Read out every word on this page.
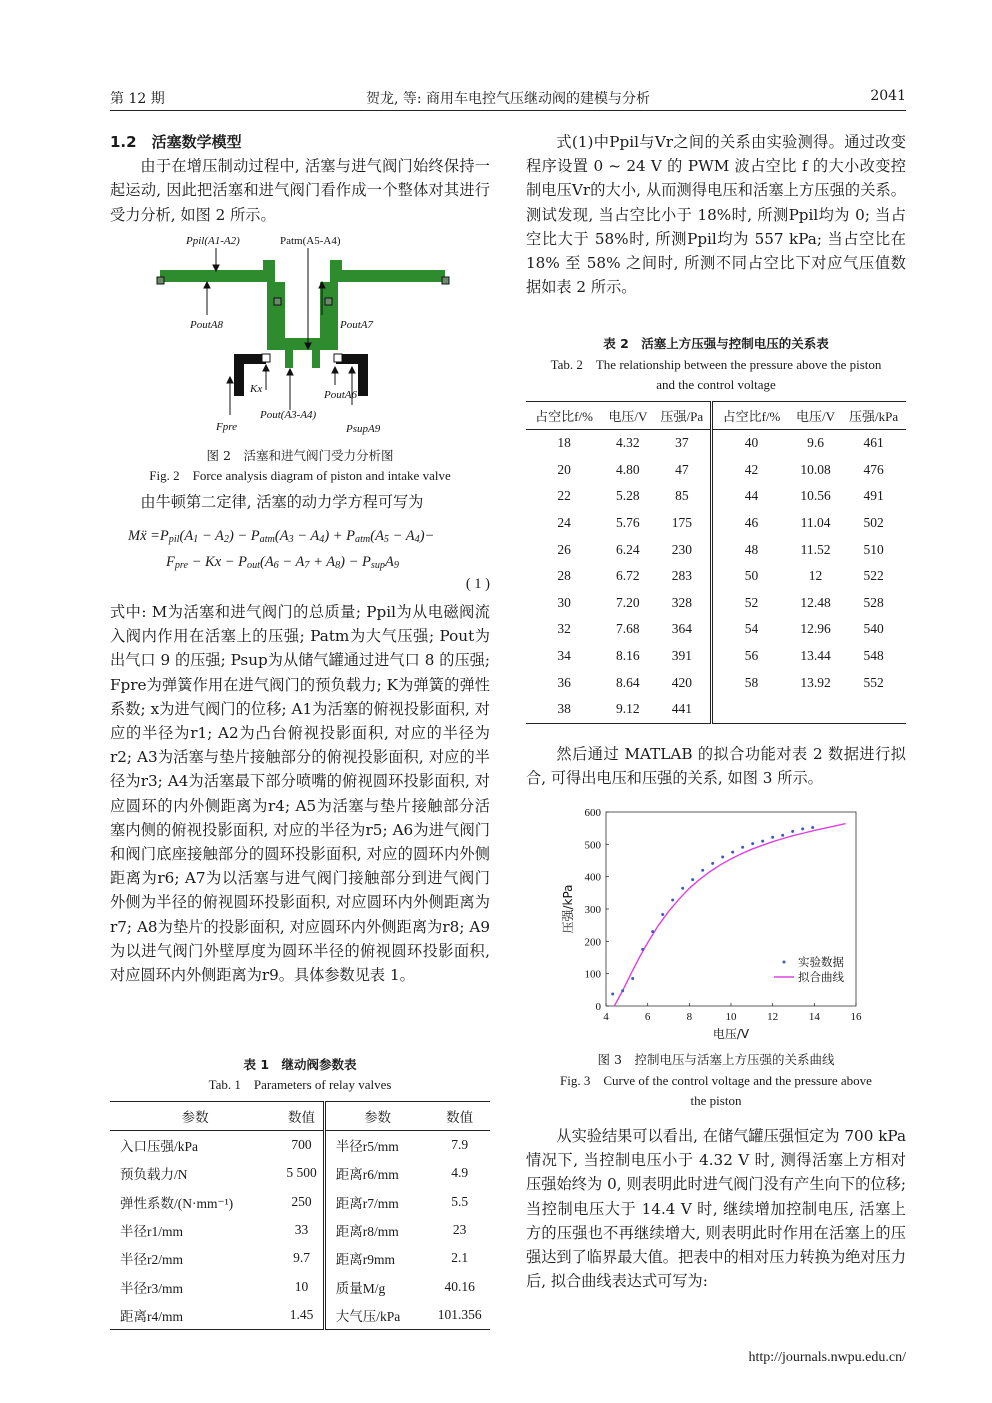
第 12 期	贺龙, 等: 商用车电控气压继动阀的建模与分析	2041

1.2 活塞数学模型

由于在增压制动过程中, 活塞与进气阀门始终保持一起运动, 因此把活塞和进气阀门看作成一个整体对其进行受力分析, 如图 2 所示。

Ppil(A1-A2)	Patm(A5-A4)
PoutA8	PoutA7
Kx	PoutA6
Fpre
Pout(A3-A4)
PsupA9
图 2 活塞和进气阀门受力分析图
Fig. 2 Force analysis diagram of piston and intake valve

由牛顿第二定律, 活塞的动力学方程可写为

Mẍ $=P_{pil}(A_1 - A_2) - P_{atm}(A_3 - A_4) + P_{atm}(A_5 - A_4)-$
$F_{pre} - Kx - P_{out}(A_6 - A_7 + A_8) - P_{sup}A_9$
( 1 )

式中: M为活塞和进气阀门的总质量; Ppil为从电磁阀流入阀内作用在活塞上的压强; Patm为大气压强; Pout为出气口 9 的压强; Psup为从储气罐通过进气口 8 的压强; Fpre为弹簧作用在进气阀门的预负载力; K为弹簧的弹性系数; x为进气阀门的位移; A1为活塞的俯视投影面积, 对应的半径为r1; A2为凸台俯视投影面积, 对应的半径为r2; A3为活塞与垫片接触部分的俯视投影面积, 对应的半径为r3; A4为活塞最下部分喷嘴的俯视圆环投影面积, 对应圆环的内外侧距离为r4; A5为活塞与垫片接触部分活塞内侧的俯视投影面积, 对应的半径为r5; A6为进气阀门和阀门底座接触部分的圆环投影面积, 对应的圆环内外侧距离为r6; A7为以活塞与进气阀门接触部分到进气阀门外侧为半径的俯视圆环投影面积, 对应圆环内外侧距离为r7; A8为垫片的投影面积, 对应圆环内外侧距离为r8; A9为以进气阀门外壁厚度为圆环半径的俯视圆环投影面积, 对应圆环内外侧距离为r9。具体参数见表 1。

表 1 继动阀参数表
Tab. 1 Parameters of relay valves
参数	数值	参数	数值
入口压强/kPa	700	半径r5/mm	7.9
预负载力/N	5 500	距离r6/mm	4.9
弹性系数/(N·mm⁻¹)	250	距离r7/mm	5.5
半径r1/mm	33	距离r8/mm	23
半径r2/mm	9.7	距离r9mm	2.1
半径r3/mm	10	质量M/g	40.16
距离r4/mm	1.45	大气压/kPa	101.356

式(1)中Ppil与Vr之间的关系由实验测得。通过改变程序设置 0 ~ 24 V 的 PWM 波占空比 f 的大小改变控制电压Vr的大小, 从而测得电压和活塞上方压强的关系。测试发现, 当占空比小于 18%时, 所测Ppil均为 0; 当占空比大于 58%时, 所测Ppil均为 557 kPa; 当占空比在 18% 至 58% 之间时, 所测不同占空比下对应气压值数据如表 2 所示。

表 2 活塞上方压强与控制电压的关系表
Tab. 2 The relationship between the pressure above the piston
and the control voltage
占空比f/%	电压/V	压强/Pa	占空比f/%	电压/V	压强/kPa
18	4.32	37	40	9.6	461
20	4.80	47	42	10.08	476
22	5.28	85	44	10.56	491
24	5.76	175	46	11.04	502
26	6.24	230	48	11.52	510
28	6.72	283	50	12	522
30	7.20	328	52	12.48	528
32	7.68	364	54	12.96	540
34	8.16	391	56	13.44	548
36	8.64	420	58	13.92	552
38	9.12	441			

然后通过 MATLAB 的拟合功能对表 2 数据进行拟合, 可得出电压和压强的关系, 如图 3 所示。

4	6	8	10	12	14	16
0
100
200
300
400
500
600
电压/V
压强/kPa
实验数据
拟合曲线
图 3 控制电压与活塞上方压强的关系曲线
Fig. 3 Curve of the control voltage and the pressure above
the piston

从实验结果可以看出, 在储气罐压强恒定为 700 kPa 情况下, 当控制电压小于 4.32 V 时, 测得活塞上方相对压强始终为 0, 则表明此时进气阀门没有产生向下的位移; 当控制电压大于 14.4 V 时, 继续增加控制电压, 活塞上方的压强也不再继续增大, 则表明此时作用在活塞上的压强达到了临界最大值。把表中的相对压力转换为绝对压力后, 拟合曲线表达式可写为:

http://journals.nwpu.edu.cn/
